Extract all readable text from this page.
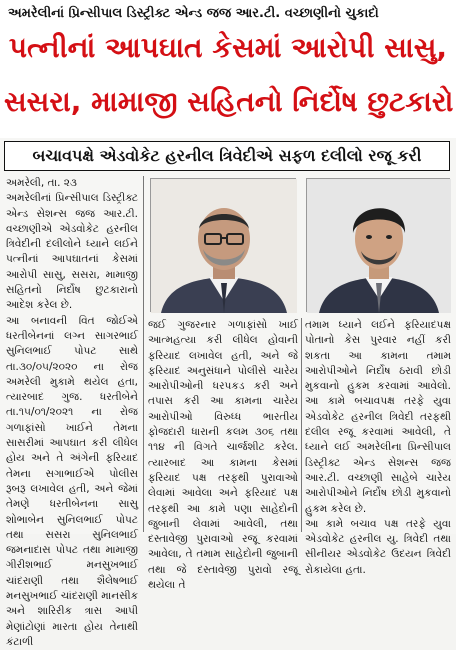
અમરેલીનાં પ્રિન્સીપાલ ડિસ્ટ્રીક્ટ એન્ડ જજ આર.ટી. વચ્છાણીનો ચુકાદો
પત્નીનાં આપઘાત કેસમાં આરોપી સાસુ,
સસરા, મામાજી સહિતનો નિર્દોષ છુટકારો
બચાવપક્ષે એડવોકેટ હરનીલ ત્રિવેદીએ સફળ દલીલો રજૂ કરી

અમરેલી, તા. ૨૩
અમરેલીનાં પ્રિન્સીપાલ ડિસ્ટ્રીક્ટ એન્ડ સેશન્સ જજ આર.ટી. વચ્છાણીએ એડવોકેટ હરનીલ ત્રિવેદીની દલીલોને ધ્યાને લઈને પત્નીનાં આપઘાતનાં કેસમાં આરોપી સાસુ, સસરા, મામાજી સહિતનો નિર્દોષ છુટકારાનો આદેશ કરેલ છે.
આ બનાવની વિત જોઈએ ધરતીબેનનાં લગ્ન સાગરભાઈ સુનિલભાઈ પોપટ સાથે તા.૩૦/૦૫/૨૦૨૦ ના રોજ અમરેલી મુકામે થયેલ હતા, ત્યારબાદ ગુજ. ધરતીબેને તા.૧૫/૦૧/૨૦૨૧ ના રોજ ગળાફાંસો ખાઈને તેમના સાસરીમાં આપઘાત કરી લીધેલ હોય અને તે અંગેની ફરિયાદ તેમના સગાભાઈએ પોલીસ રૂબરૂ લખાવેલ હતી, અને જેમાં તેમણે ધરતીબેનના સાસુ શોભાબેન સુનિલભાઈ પોપટ તથા સસરા સુનિલભાઈ જમનાદાસ પોપટ તથા મામાજી ગીરીશભાઈ મનસુખભાઈ ચાંદરાણી તથા શૈલેષભાઈ મનસુખભાઈ ચાંદરાણી માનસીક અને શારિરીક ત્રાસ આપી મેણાંટોણાં મારતા હોય તેનાથી કંટાળી

જઈ ગુજરનાર ગળાફાંસો ખાઈ આત્મહત્યા કરી લીધેલ હોવાની ફરિયાદ લખાવેલ હતી, અને જે ફરિયાદ અનુસંધાને પોલીસે ચારેય આરોપીઓની ધરપકડ કરી અને તપાસ કરી આ કામના ચારેય આરોપીઓ વિરુધ્ધ ભારતીય ફોજદારી ધારાની કલમ ૩૦૬ તથા ૧૧૪ ની વિગતે ચાર્જશીટ કરેલ. ત્યારબાદ આ કામના કેસમાં ફરિયાદ પક્ષ તરફથી પુરાવાઓ લેવામાં આવેલા અને ફરિયાદ પક્ષ તરફથી આ કામે પણા સાહેદોની જુબાની લેવામાં આવેલી, તથા દસ્તાવેજી પુરાવાઓ રજૂ કરવામાં આવેલા, તે તમામ સાહેદોની જુબાની તથા જે દસ્તાવેજી પુરાવો રજૂ થયેલા તે

તમામ ધ્યાને લઈને ફરિયાદપક્ષ પોતાનો કેસ પુરવાર નહીં કરી શકતા આ કામના તમામ આરોપીઓને નિર્દોષ ઠરાવી છોડી મુકવાનો હુકમ કરવામાં આવેલો. આ કામે બચાવપક્ષ તરફે યુવા એડવોકેટ હરનીલ ત્રિવેદી તરફથી દલીલ રજૂ કરવામાં આવેલી, તે ધ્યાને લઈ અમરેલીના પ્રિન્સીપાલ ડિસ્ટ્રીક્ટ એન્ડ સેશન્સ જજ આર.ટી. વચ્છાણી સાહેબે ચારેય આરોપીઓને નિર્દોષ છોડી મુકવાનો હુકમ કરેલ છે.
આ કામે બચાવ પક્ષ તરફે યુવા એડવોકેટ હરનીલ યુ. ત્રિવેદી તથા સીનીયર એડવોકેટ ઉદયન ત્રિવેદી રોકાયેલા હતા.
